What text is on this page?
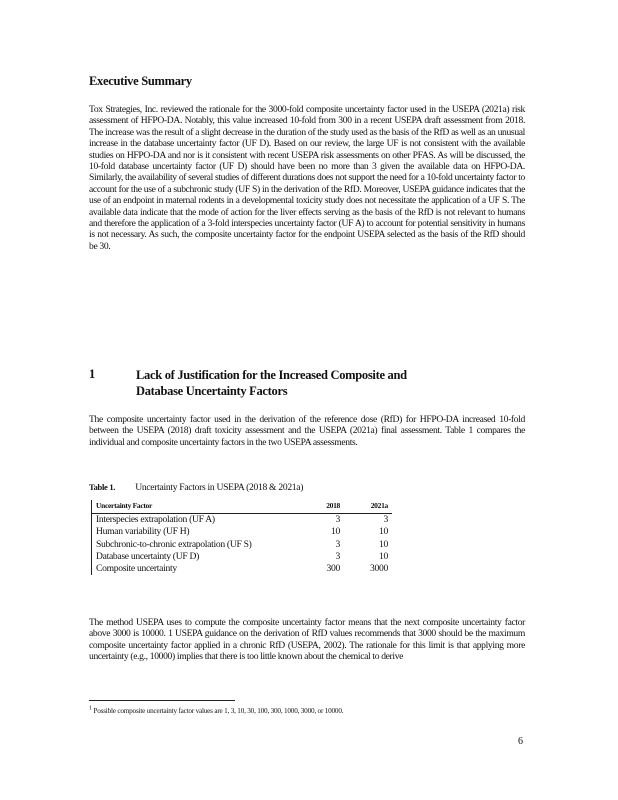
Executive Summary

Tox Strategies, Inc. reviewed the rationale for the 3000-fold composite uncertainty factor used in the USEPA (2021a) risk assessment of HFPO-DA. Notably, this value increased 10-fold from 300 in a recent USEPA draft assessment from 2018. The increase was the result of a slight decrease in the duration of the study used as the basis of the RfD as well as an unusual increase in the database uncertainty factor (UF D). Based on our review, the large UF is not consistent with the available studies on HFPO-DA and nor is it consistent with recent USEPA risk assessments on other PFAS. As will be discussed, the 10-fold database uncertainty factor (UF D) should have been no more than 3 given the available data on HFPO-DA. Similarly, the availability of several studies of different durations does not support the need for a 10-fold uncertainty factor to account for the use of a subchronic study (UF S) in the derivation of the RfD. Moreover, USEPA guidance indicates that the use of an endpoint in maternal rodents in a developmental toxicity study does not necessitate the application of a UF S. The available data indicate that the mode of action for the liver effects serving as the basis of the RfD is not relevant to humans and therefore the application of a 3-fold interspecies uncertainty factor (UF A) to account for potential sensitivity in humans is not necessary. As such, the composite uncertainty factor for the endpoint USEPA selected as the basis of the RfD should be 30.

1	Lack of Justification for the Increased Composite and Database Uncertainty Factors

The composite uncertainty factor used in the derivation of the reference dose (RfD) for HFPO-DA increased 10-fold between the USEPA (2018) draft toxicity assessment and the USEPA (2021a) final assessment. Table 1 compares the individual and composite uncertainty factors in the two USEPA assessments.

Table 1. Uncertainty Factors in USEPA (2018 & 2021a)
Uncertainty Factor	2018	2021a
Interspecies extrapolation (UF A)	3	3
Human variability (UF H)	10	10
Subchronic-to-chronic extrapolation (UF S)	3	10
Database uncertainty (UF D)	3	10
Composite uncertainty	300	3000

The method USEPA uses to compute the composite uncertainty factor means that the next composite uncertainty factor above 3000 is 10000. 1 USEPA guidance on the derivation of RfD values recommends that 3000 should be the maximum composite uncertainty factor applied in a chronic RfD (USEPA, 2002). The rationale for this limit is that applying more uncertainty (e.g., 10000) implies that there is too little known about the chemical to derive

$^1$ Possible composite uncertainty factor values are 1, 3, 10, 30, 100, 300, 1000, 3000, or 10000.
6
